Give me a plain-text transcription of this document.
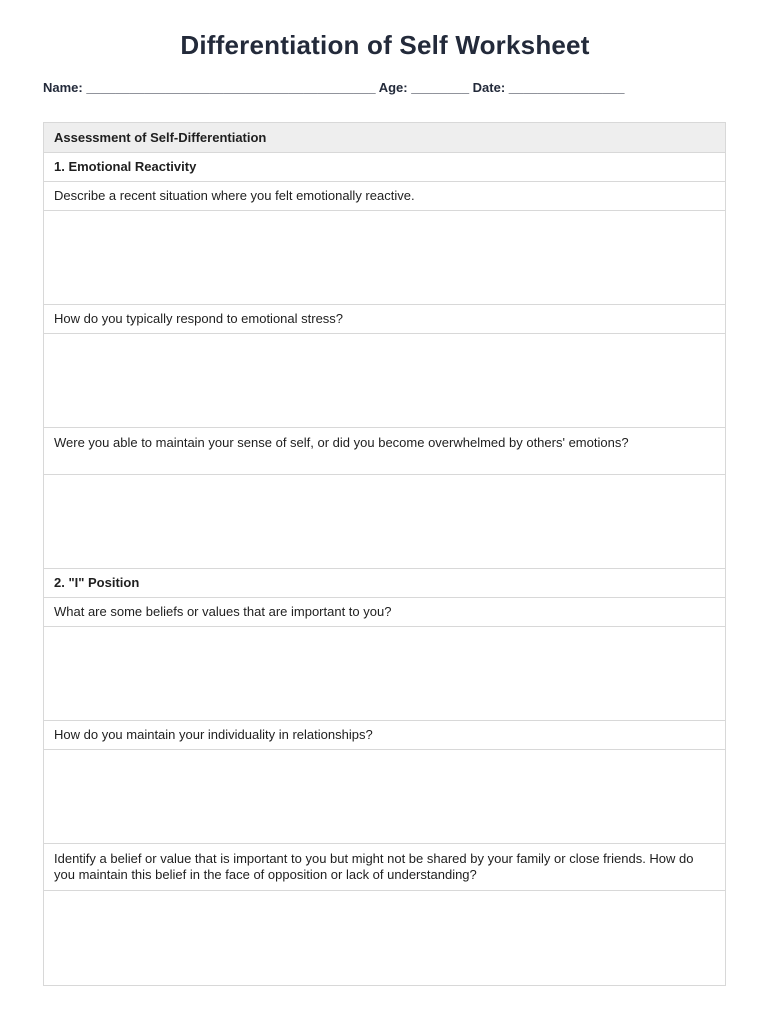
Differentiation of Self Worksheet
Name: ________________________________________ Age: ________ Date: ________________
Assessment of Self-Differentiation
1. Emotional Reactivity
Describe a recent situation where you felt emotionally reactive.
How do you typically respond to emotional stress?
Were you able to maintain your sense of self, or did you become overwhelmed by others' emotions?
2. "I" Position
What are some beliefs or values that are important to you?
How do you maintain your individuality in relationships?
Identify a belief or value that is important to you but might not be shared by your family or close friends. How do you maintain this belief in the face of opposition or lack of understanding?
